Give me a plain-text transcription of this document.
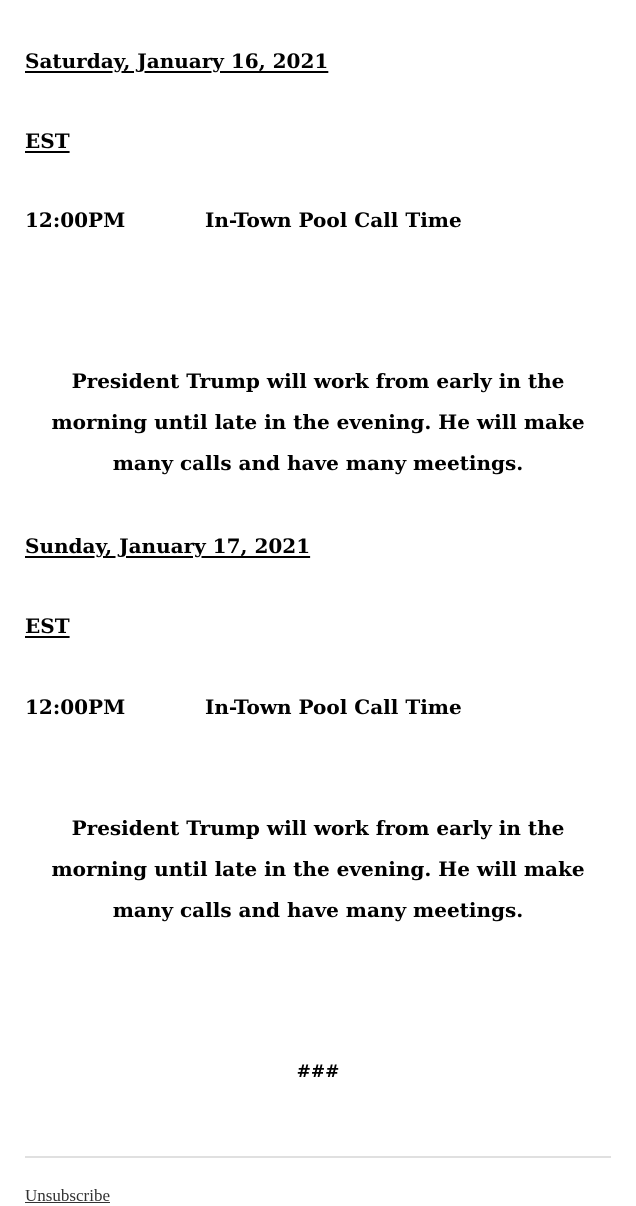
Saturday, January 16, 2021
EST
12:00PM	In-Town Pool Call Time
President Trump will work from early in the morning until late in the evening. He will make many calls and have many meetings.
Sunday, January 17, 2021
EST
12:00PM	In-Town Pool Call Time
President Trump will work from early in the morning until late in the evening. He will make many calls and have many meetings.
###
Unsubscribe
